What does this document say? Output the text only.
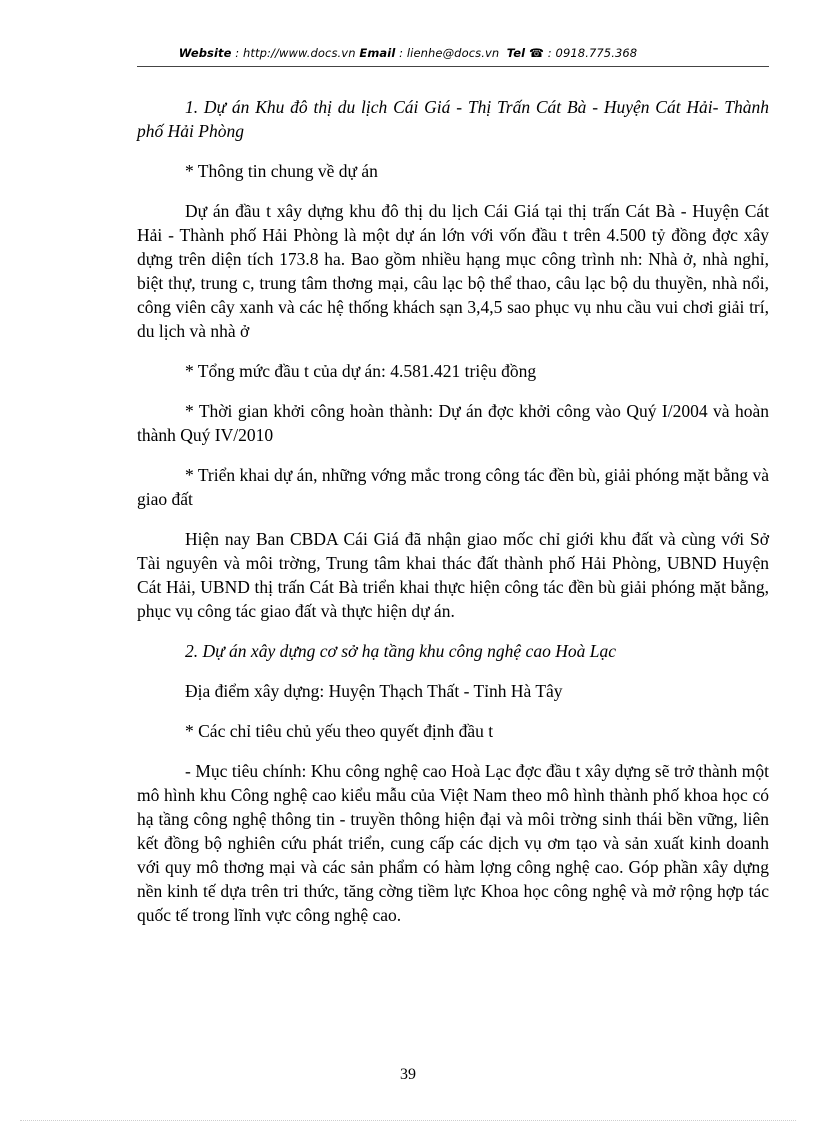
Website : http://www.docs.vn Email : lienhe@docs.vn Tel ☎ : 0918.775.368

1. Dự án Khu đô thị du lịch Cái Giá - Thị Trấn Cát Bà - Huyện Cát Hải- Thành phố Hải Phòng

* Thông tin chung về dự án

Dự án đầu t xây dựng khu đô thị du lịch Cái Giá tại thị trấn Cát Bà - Huyện Cát Hải - Thành phố Hải Phòng là một dự án lớn với vốn đầu t trên 4.500 tỷ đồng đợc xây dựng trên diện tích 173.8 ha. Bao gồm nhiều hạng mục công trình nh: Nhà ở, nhà nghỉ, biệt thự, trung c, trung tâm thơng mại, câu lạc bộ thể thao, câu lạc bộ du thuyền, nhà nổi, công viên cây xanh và các hệ thống khách sạn 3,4,5 sao phục vụ nhu cầu vui chơi giải trí, du lịch và nhà ở

* Tổng mức đầu t của dự án: 4.581.421 triệu đồng

* Thời gian khởi công hoàn thành: Dự án đợc khởi công vào Quý I/2004 và hoàn thành Quý IV/2010

* Triển khai dự án, những vớng mắc trong công tác đền bù, giải phóng mặt bằng và giao đất

Hiện nay Ban CBDA Cái Giá đã nhận giao mốc chỉ giới khu đất và cùng với Sở Tài nguyên và môi trờng, Trung tâm khai thác đất thành phố Hải Phòng, UBND Huyện Cát Hải, UBND thị trấn Cát Bà triển khai thực hiện công tác đền bù giải phóng mặt bằng, phục vụ công tác giao đất và thực hiện dự án.

2. Dự án xây dựng cơ sở hạ tầng khu công nghệ cao Hoà Lạc

Địa điểm xây dựng: Huyện Thạch Thất - Tỉnh Hà Tây

* Các chỉ tiêu chủ yếu theo quyết định đầu t

- Mục tiêu chính: Khu công nghệ cao Hoà Lạc đợc đầu t xây dựng sẽ trở thành một mô hình khu Công nghệ cao kiểu mẫu của Việt Nam theo mô hình thành phố khoa học có hạ tầng công nghệ thông tin - truyền thông hiện đại và môi trờng sinh thái bền vững, liên kết đồng bộ nghiên cứu phát triển, cung cấp các dịch vụ ơm tạo và sản xuất kinh doanh với quy mô thơng mại và các sản phẩm có hàm lợng công nghệ cao. Góp phần xây dựng nền kinh tế dựa trên tri thức, tăng cờng tiềm lực Khoa học công nghệ và mở rộng hợp tác quốc tế trong lĩnh vực công nghệ cao.

39
